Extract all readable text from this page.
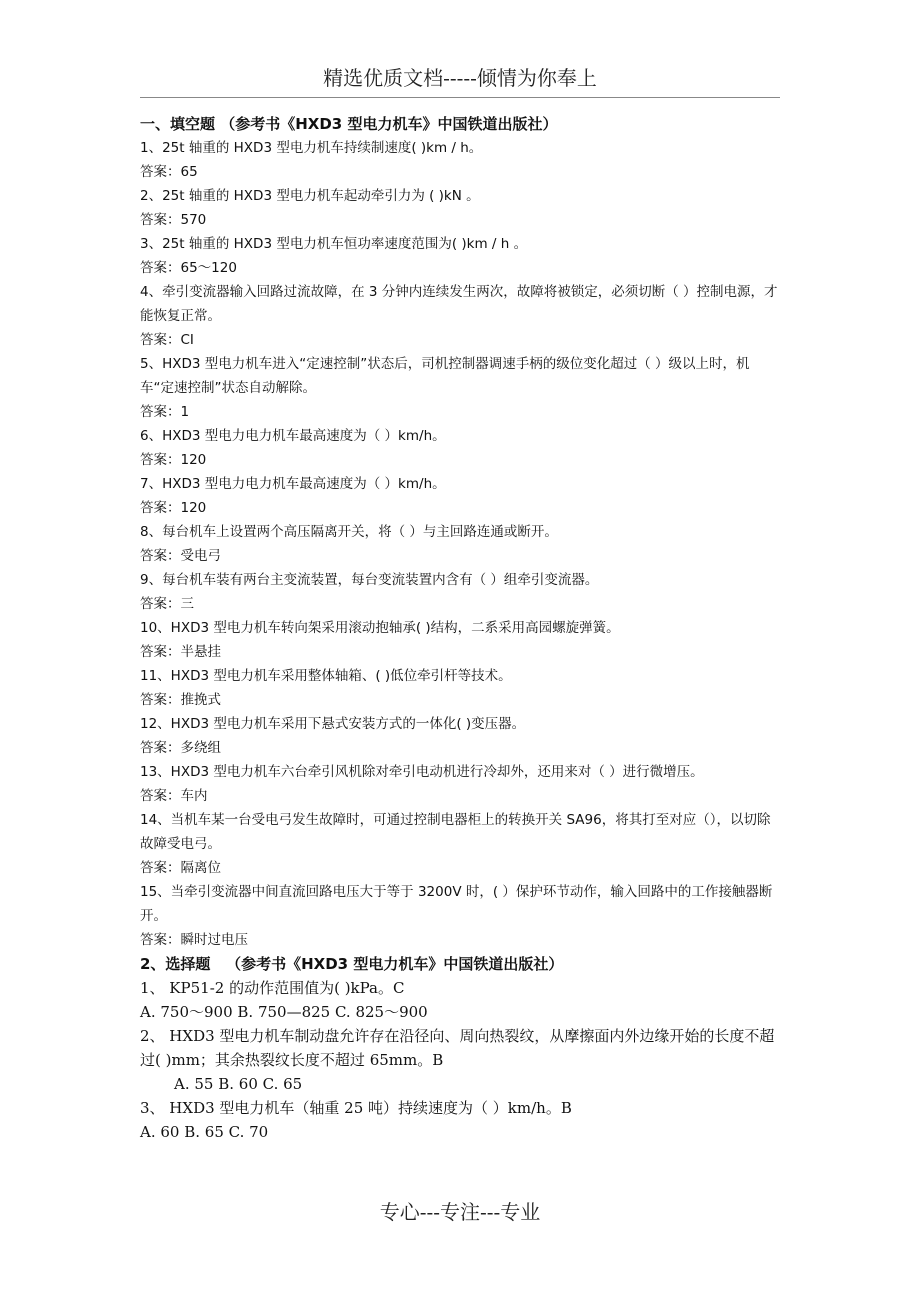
精选优质文档-----倾情为你奉上
一、填空题 （参考书《HXD3 型电力机车》中国铁道出版社）
1、25t 轴重的 HXD3 型电力机车持续制速度( )km / h。
答案：65
2、25t 轴重的 HXD3 型电力机车起动牵引力为 ( )kN 。
答案：570
3、25t 轴重的 HXD3 型电力机车恒功率速度范围为( )km / h 。
答案：65～120
4、牵引变流器输入回路过流故障，在 3 分钟内连续发生两次，故障将被锁定，必须切断（ ）控制电源，才能恢复正常。
答案：CI
5、HXD3 型电力机车进入“定速控制”状态后，司机控制器调速手柄的级位变化超过（ ）级以上时，机车“定速控制”状态自动解除。
答案：1
6、HXD3 型电力电力机车最高速度为（ ）km/h。
答案：120
7、HXD3 型电力电力机车最高速度为（ ）km/h。
答案：120
8、每台机车上设置两个高压隔离开关，将（ ）与主回路连通或断开。
答案：受电弓
9、每台机车装有两台主变流装置，每台变流装置内含有（ ）组牵引变流器。
答案：三
10、HXD3 型电力机车转向架采用滚动抱轴承( )结构，二系采用高园螺旋弹簧。
答案：半悬挂
11、HXD3 型电力机车采用整体轴箱、( )低位牵引杆等技术。
答案：推挽式
12、HXD3 型电力机车采用下悬式安装方式的一体化( )变压器。
答案：多绕组
13、HXD3 型电力机车六台牵引风机除对牵引电动机进行冷却外，还用来对（ ）进行微增压。
答案：车内
14、当机车某一台受电弓发生故障时，可通过控制电器柜上的转换开关 SA96，将其打至对应（），以切除故障受电弓。
答案：隔离位
15、当牵引变流器中间直流回路电压大于等于 3200V 时，( ）保护环节动作，输入回路中的工作接触器断开。
答案：瞬时过电压
2、选择题   （参考书《HXD3 型电力机车》中国铁道出版社）
1、 KP51-2 的动作范围值为( )kPa。C
A. 750～900 B. 750—825 C. 825～900
2、 HXD3 型电力机车制动盘允许存在沿径向、周向热裂纹，从摩擦面内外边缘开始的长度不超过( )mm；其余热裂纹长度不超过 65mm。B
A. 55 B. 60 C. 65
3、 HXD3 型电力机车（轴重 25 吨）持续速度为（ ）km/h。B
A. 60 B. 65 C. 70
专心---专注---专业
